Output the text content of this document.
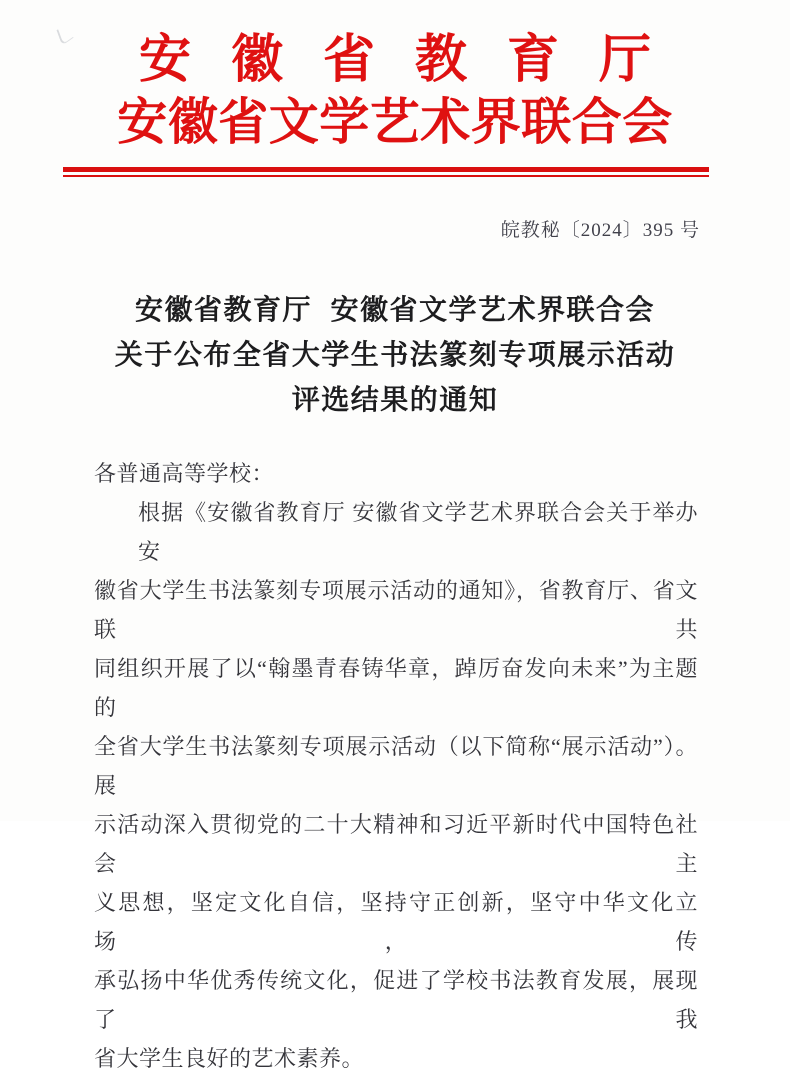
安徽省教育厅
安徽省文学艺术界联合会
皖教秘〔2024〕395 号
安徽省教育厅 安徽省文学艺术界联合会
关于公布全省大学生书法篆刻专项展示活动
评选结果的通知
各普通高等学校：
根据《安徽省教育厅 安徽省文学艺术界联合会关于举办安
徽省大学生书法篆刻专项展示活动的通知》，省教育厅、省文联共
同组织开展了以“翰墨青春铸华章，踔厉奋发向未来”为主题的
全省大学生书法篆刻专项展示活动（以下简称“展示活动”）。展
示活动深入贯彻党的二十大精神和习近平新时代中国特色社会主
义思想，坚定文化自信，坚持守正创新，坚守中华文化立场，传
承弘扬中华优秀传统文化，促进了学校书法教育发展，展现了我
省大学生良好的艺术素养。
